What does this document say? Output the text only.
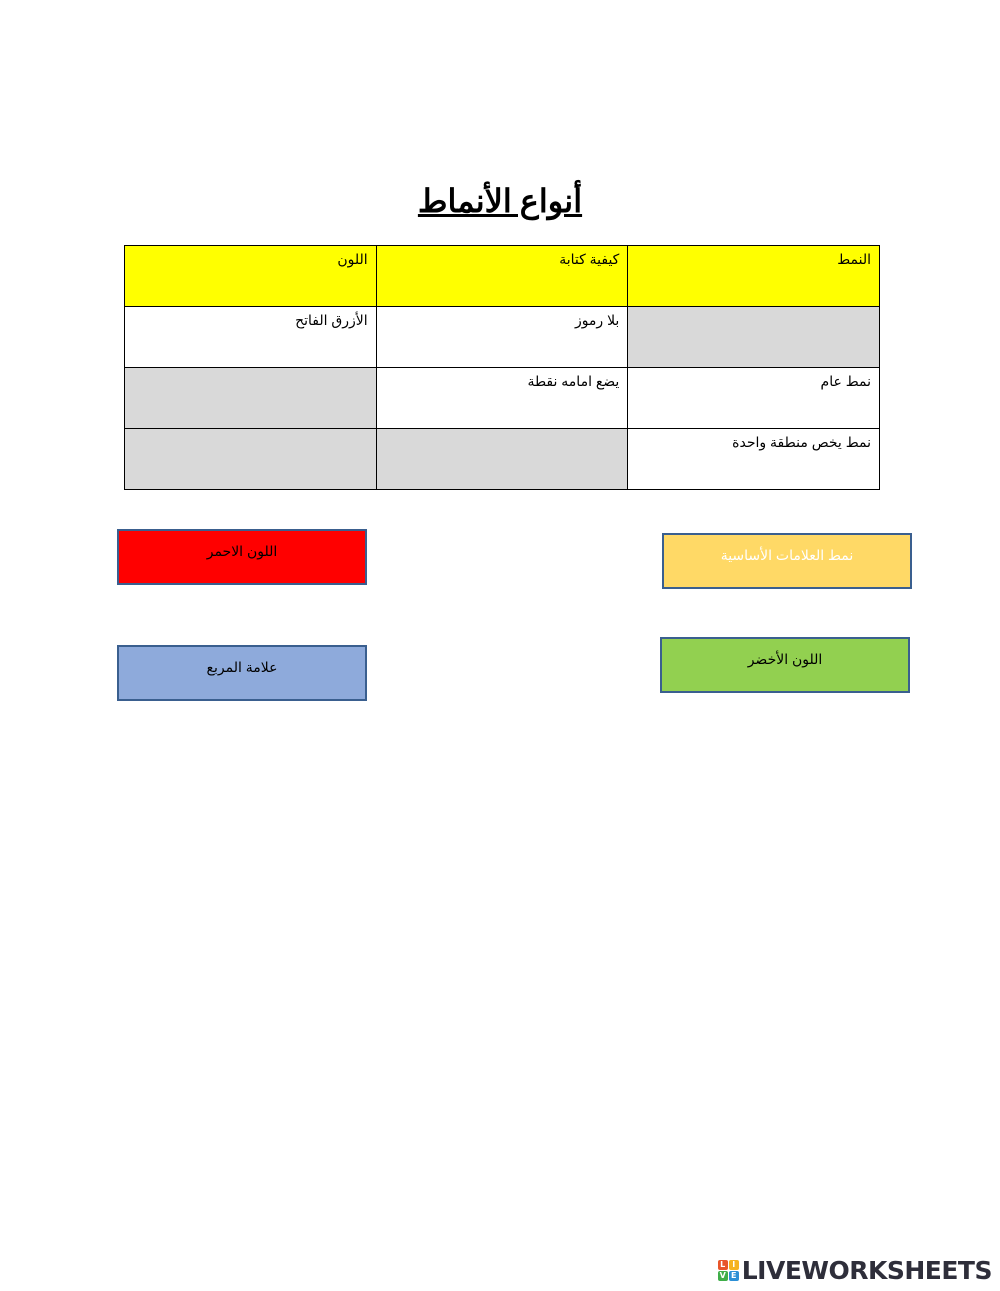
أنواع الأنماط
النمط	كيفية كتابة	اللون
	بلا رموز	الأزرق الفاتح
نمط عام	يضع امامه نقطة	
نمط يخص منطقة واحدة		
اللون الاحمر	نمط العلامات الأساسية
علامة المربع	اللون الأخضر
L I
V E LIVEWORKSHEETS
